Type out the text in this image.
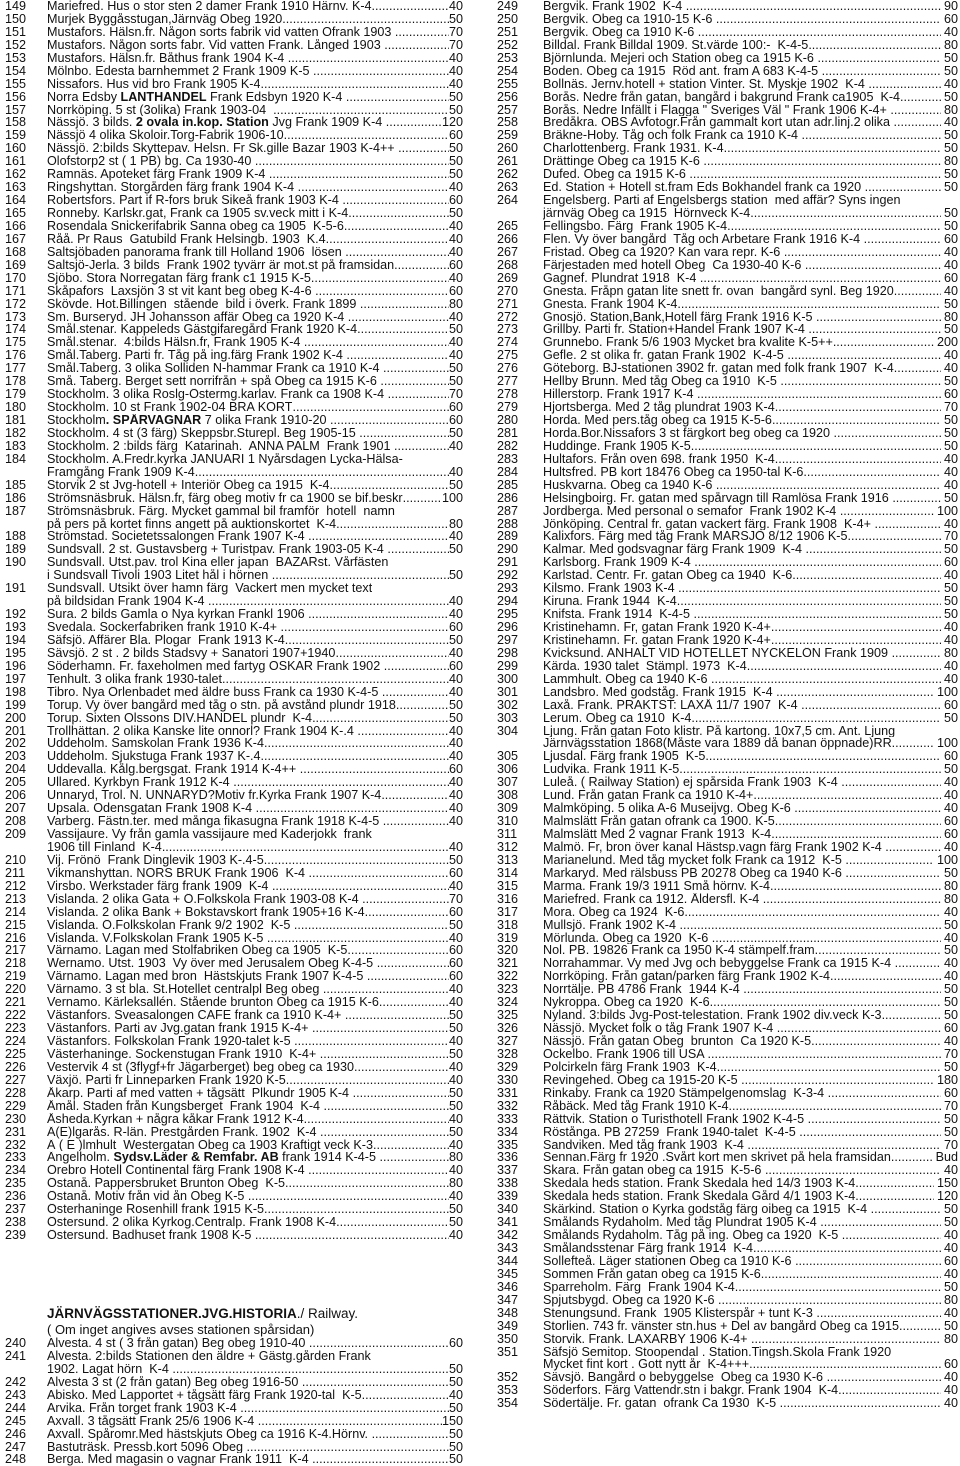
149	Mariefred. Hus o stor sten 2 damer Frank 1910 Härnv. K-4 .....	40
150	Murjek Byggåsstugan,Järnväg Obeg 1920 .....	50
151	Mustafors. Hälsn.fr. Någon sorts fabrik vid vatten Ofrank 1903 .....	70
152	Mustafors. Någon sorts fabr. Vid vatten Frank. Långed 1903 .....	70
153	Mustafors. Hälsn.fr. Båthus frank 1904 K-4 .....	40
154	Mölnbo. Edesta barnhemmet 2 Frank 1909 K-5 .....	40
155	Nissafors. Hus vid bro Frank 1905 K-4 .....	40
156	Norra Edsby LANTHANDEL Frank Edsbyn 1920 K-4 .....	50
157	Norrköping. 5 st (3olika) Frank 1903-04 .....	50
158	Nässjö. 3 bilds. 2 ovala in.kop. Station Jvg Frank 1909 K-4 .....	120
159	Nässjö 4 olika Skoloir.Torg-Fabrik 1906-10 .....	60
160	Nässjö. 2:bilds Skyttepav. Helsn. Fr Sk.gille Bazar 1903 K-4++ .....	50
161	Olofstorp2 st ( 1 PB) bg. Ca 1930-40 .....	50
162	Ramnäs. Apoteket färg Frank 1909 K-4 .....	50
163	Ringshyttan. Storgården färg frank 1904 K-4 .....	40
164	Robertsfors. Part if R-fors bruk Sikeå frank 1903 K-4 .....	60
165	Ronneby. Karlskr.gat, Frank ca 1905 sv.veck mitt i K-4 .....	50
166	Rosendala Snickerifabrik Sanna obeg ca 1905  K-5-6 .....	40
167	Råå. Pr Raus  Gatubild Frank Helsingb. 1903  K.4 .....	40
168	Saltsjöbaden panorama frank till Holland 1906  lösen .....	40
169	Saltsjö-Jerla. 3 bilds  Frank 1902 tyvärr är mot.st på framsidan .....	60
170	Sjöbo. Stora Norregatan färg frank c1 1915 K-5 .....	40
171	Skåpafors  Laxsjön 3 st vit kant beg obeg K-4-6 .....	60
172	Skövde. Hot.Billingen  stående  bild i överk. Frank 1899 .....	80
173	Sm. Burseryd. JH Johansson affär Obeg ca 1920 K-4 .....	40
174	Smål.stenar. Kappeleds Gästgifaregård Frank 1920 K-4 .....	50
175	Smål.stenar.  4:bilds Hälsn.fr, Frank 1905 K-4 .....	40
176	Smål.Taberg. Parti fr. Tåg på ing.färg Frank 1902 K-4 .....	40
177	Smål.Taberg. 3 olika Solliden N-hammar Frank ca 1910 K-4 .....	50
178	Små. Taberg. Berget sett norrifrån + spå Obeg ca 1915 K-6 .....	50
179	Stockholm. 3 olika Roslg-Östermg.karlav. Frank ca 1908 K-4 .....	70
180	Stockholm. 10 st Frank 1902-04 BRA KORT .....	60
181	Stockholm. SPÅRVAGNAR 7 olika Frank 1910-20 .....	60
182	Stockholm. 4 st (3 färg) Skeppsbr.Sturepl. Beg 1905-15 .....	50
183	Stockholm. 2 :bilds färg  Katarinah.  ANNA PALM  Frank 1901 .....	40
184	Stockholm. A.Fredr.kyrka JANUARI 1 Nyårsdagen Lycka-Hälsa-
Framgång Frank 1909 K-4 .....	40
185	Storvik 2 st Jvg-hotell + Interiör Obeg ca 1915  K-4 .....	50
186	Strömsnäsbruk. Hälsn.fr, färg obeg motiv fr ca 1900 se bif.beskr .....	100
187	Strömsnäsbruk. Färg. Mycket gammal bil framför  hotell  namn
på pers på kortet finns angett på auktionskortet  K-4 .....	80
188	Strömstad. Societetssalongen Frank 1907 K-4 .....	40
189	Sundsvall. 2 st. Gustavsberg + Turistpav. Frank 1903-05 K-4 .....	50
190	Sundsvall. Utst.pav. trol Kina eller japan  BAZARst. Vårfästen
i Sundsvall Tivoli 1903 Litet hål i hörnen .....	50
191	Sundsvall. Utsikt över hamn färg  Vackert men mycket text
på bildsidan Frank 1904 K-4 .....	40
192	Sura. 2 bilds Gamla o Nya kyrkan Frankl 1906 .....	40
193	Svedala. Sockerfabriken frank 1910 K-4+ .....	60
194	Säfsjö. Affärer Bla. Plogar  Frank 1913 K-4 .....	50
195	Sävsjö. 2 st . 2 bilds Stadsvy + Sanatori 1907+1940 .....	40
196	Söderhamn. Fr. faxeholmen med fartyg OSKAR Frank 1902 .....	60
197	Tenhult. 3 olika frank 1930-talet .....	40
198	Tibro. Nya Örlenbadet med äldre buss Frank ca 1930 K-4-5 .....	40
199	Torup. Vy över bangård med tåg o stn. på avstånd plundr 1918 .....	50
200	Torup. Sixten Olssons DIV.HANDEL plundr  K-4 .....	50
201	Trollhättan. 2 olika Kanske lite onnorl? Frank 1904 K-.4 .....	40
202	Uddeholm. Samskolan Frank 1936 K-4 .....	40
203	Uddeholm. Sjukstuga Frank 1937 K-.4 .....	40
204	Uddevalla. Kålg.bergsgat. Frank 1914 K-4++ .....	60
205	Ullared. Kyrkbyn Frank 1912 K-4 .....	40
206	Unnaryd, Trol. N. UNNARYD?Motiv fr.Kyrka Frank 1907 K-4 .....	40
207	Upsala. Odensgatan Frank 1908 K-4 .....	40
208	Varberg. Fästn.ter. med många fikasugna Frank 1918 K-4-5 .....	40
209	Vassijaure. Vy från gamla vassijaure med Kaderjokk  frank
1906 till Finland  K-4 .....	40
210	Vij. Frönö  Frank Dinglevik 1903 K-.4-5 .....	50
211	Vikmanshyttan. NORS BRUK Frank 1906  K-4 .....	60
212	Virsbo. Werkstader färg frank 1909  K-4 .....	40
213	Vislanda. 2 olika Gata + Ö.Folkskola Frank 1903-08 K-4 .....	70
214	Vislanda. 2 olika Bank + Bokstavskort frank 1905+16 K-4 .....	60
215	Vislanda. Ö.Folkskolan Frank 9/2 1902  K-5 .....	50
216	Vislanda. V.Folkskolan Frank 1905 K-5 .....	40
217	Värnamo. Lagan med Stolfabriken Obeg ca 1905  K-5 .....	60
218	Wernamo. Utst. 1903  Vy över med Jerusalem Obeg K-4-5 .....	60
219	Värnamo. Lagan med bron  Hästskjuts Frank 1907 K-4-5 .....	60
220	Värnamo. 3 st bla. St.Hotellet centralpl Beg obeg .....	40
221	Vernamo. Kärleksallén. Stående brunton Obeg ca 1915 K-6 .....	40
222	Västanfors. Sveasalongen CAFE frank ca 1910 K-4+ .....	50
223	Västanfors. Parti av Jvg.gatan frank 1915 K-4+ .....	50
224	Västanfors. Folkskolan Frank 1920-talet k-5 .....	40
225	Västerhaninge. Sockenstugan Frank 1910  K-4+ .....	50
226	Vestervik 4 st (3flygf+fr Jägarberget) beg obeg ca 1930 .....	40
227	Växjö. Parti fr Linneparken Frank 1920 K-5 .....	40
228	Åkarp. Parti af med vatten + tågsätt  Plkundr 1905 K-4 .....	50
229	Åmål. Staden från Kungsberget  Frank 1904  K-4 .....	50
230	Åsheda.Kyrkan + några kåkar Frank 1912 K-4 .....	40
231	Ä(E)lgarås. R-län. Prestgården Frank. 1902  K-4 .....	50
232	Ä ( E )lmhult  Westergatan Obeg ca 1903 Kraftigt veck K-3. .....	40
233	Ängelholm. Sydsv.Läder & Remfabr. AB frank 1914 K-4-5 .....	80
234	Örebro Hotell Continental färg Frank 1908 K-4 .....	40
235	Östanå. Pappersbruket Brunton Obeg  K-5 .....	80
236	Östanå. Motiv från vid ån Obeg K-5 .....	40
237	Österhaninge Rosenhill frank 1915 K-5 .....	50
238	Östersund. 2 olika Kyrkog.Centralp. Frank 1908 K-4 .....	50
239	Östersund. Badhuset frank 1908 K-5 .....	40
JÄRNVÄGSSTATIONER.JVG.HISTORIA./ Railway.
( Om inget angives avses stationen spårsidan)
240	Alvesta. 4 st ( 3 från gatan) Beg obeg 1910-40 .....	60
241	Alvesta. 2:bilds Stationen den äldre + Gästg.gården Frank
1902. Lagat hörn  K-4 .....	50
242	Alvesta 3 st (2 från gatan) Beg obeg 1916-50 .....	50
243	Abisko. Med Lapportet + tågsätt färg Frank 1920-tal  K-5 .....	40
244	Arvika. Från torget frank 1903 K-4 .....	50
245	Axvall. 3 tågsätt Frank 25/6 1906 K-4 .....	150
246	Axvall. Spåromr.Med hästskjuts Obeg ca 1916 K-4.Hörnv. .....	50
247	Bastuträsk. Pressb.kort 5096 Obeg .....	50
248	Berga. Med magasin o vagnar Frank 1911  K-4 .....	50
249	Bergvik. Frank 1902  K-4 .....	90
250	Bergvik. Obeg ca 1910-15 K-6 .....	60
251	Bergvik. Obeg ca 1910 K-6 .....	40
252	Billdal. Frank Billdal 1909. St.värde 100:-  K-4-5 .....	80
253	Björnlunda. Mejeri och Station obeg ca 1915 K-6 .....	50
254	Boden. Obeg ca 1915  Röd ant. fram A 683 K-4-5 .....	50
255	Bollnäs. Jernv.hotell + station Vinter. St. Myskje 1902  K-4 .....	40
256	Borås. Nedre från gatan, bangård i bakgrund Frank ca1905  K-4 .....	50
257	Borås. Nedre Infällt i Flagga " Sveriges Väl " Frank 1906 K-4+ .....	80
258	Bredåkra. OBS Avfotogr.Från gammalt kort utan adr.linj.2 olika .....	40
259	Bräkne-Hoby. Tåg och folk Frank ca 1910 K-4 .....	50
260	Charlottenberg. Frank 1931. K-4 .....	50
261	Drättinge Obeg ca 1915 K-6 .....	80
262	Dufed. Obeg ca 1915 K-6 .....	50
263	Ed. Station + Hotell st.fram Eds Bokhandel frank ca 1920 .....	50
264	Engelsberg. Parti af Engelsbergs station  med affär? Syns ingen
järnväg Obeg ca 1915  Hörnveck K-4 .....	50
265	Fellingsbo. Färg  Frank 1905 K-4 .....	50
266	Flen. Vy över bangård  Tåg och Arbetare Frank 1916 K-4 .....	60
267	Fristad. Obeg ca 1920? Kan vara repr. K-6 .....	40
268	Färjestaden med hotell Obeg  Ca 1930-40 K-6 .....	40
269	Gagnef. Plundrat 1918  K-4 .....	60
270	Gnesta. Fråpn gatan lite snett fr. ovan  bangård synl. Beg 1920 .....	40
271	Gnesta. Frank 1904 K-4 .....	50
272	Gnosjö. Station,Bank,Hotell färg Frank 1916 K-5 .....	80
273	Grillby. Parti fr. Station+Handel Frank 1907 K-4 .....	50
274	Grunnebo. Frank 5/6 1903 Mycket bra kvalite K-5++ .....	200
275	Gefle. 2 st olika fr. gatan Frank 1902  K-4-5 .....	40
276	Göteborg. BJ-stationen 3902 fr. gatan med folk frank 1907  K-4 .....	40
277	Hellby Brunn. Med tåg Obeg ca 1910  K-5 .....	50
278	Hillerstorp. Frank 1917 K-4 .....	60
279	Hjortsberga. Med 2 tåg plundrat 1903 K-4 .....	70
280	Horda. Med pers.tåg obeg ca 1915 K-5-6 .....	50
281	Horda.Bor.Nissafors 3 st färgkort beg obeg ca 1920 .....	50
282	Huddinge. Frank 1905 K-5 .....	50
283	Hultafors. Från oven 698. frank 1950  K-4 .....	40
284	Hultsfred. PB kort 18476 Obeg ca 1950-tal K-6 .....	40
285	Huskvarna. Obeg ca 1940 K-6 .....	40
286	Helsingboirg. Fr. gatan med spårvagn till Ramlösa Frank 1916 .....	50
287	Jordberga. Med personal o semafor  Frank 1902 K-4 .....	100
288	Jönköping. Central fr. gatan vackert färg. Frank 1908  K-4+ .....	40
289	Kalixfors. Färg med tåg Frank MARSJÖ 8/12 1906 K-5 .....	70
290	Kalmar. Med godsvagnar färg Frank 1909  K-4 .....	50
291	Karlsborg. Frank 1909 K-4 .....	60
292	Karlstad. Centr. Fr. gatan Obeg ca 1940  K-6 .....	40
293	Kilsmo. Frank 1903 K-4 .....	50
294	Kiruna. Frank 1944  K-4 .....	50
295	Knifsta. Frank 1914  K-4-5 .....	50
296	Kristinehamn. Fr, gatan Frank 1920 K-4+ .....	40
297	Kristinehamn. Fr. gatan Frank 1920 K-4+ .....	40
298	Kvicksund. ANHALT VID HOTELLET NYCKELÖN Frank 1909 .....	80
299	Kärda. 1930 talet  Stämpl. 1973  K-4 .....	40
300	Lammhult. Obeg ca 1940 K-6 .....	40
301	Landsbro. Med godståg. Frank 1915  K-4 .....	100
302	Laxå. Frank. PRAKTST: LAXÅ 11/7 1907  K-4 .....	60
303	Lerum. Obeg ca 1910  K-4 .....	50
304	Ljung. Från gatan Foto klistr. På kartong. 10x7,5 cm. Ant. Ljung
Järnvägsstation 1868(Måste vara 1889 då banan öppnade)RR. .....	100
305	Ljusdal. Färg frank 1905  K-5 .....	60
306	Ludvika. Frank 1911 K-5 .....	50
307	Luleå. ( Railway Station) ej spårsida Frank 1903  K-4 .....	40
308	Lund. Från gatan Frank ca 1910 K-4+ .....	40
309	Malmköping. 5 olika A-6 Museijvg. Obeg K-6 .....	40
310	Malmslätt Från gatan ofrank ca 1900. K-5 .....	60
311	Malmslätt Med 2 vagnar Frank 1913  K-4 .....	60
312	Malmö. Fr, bron över kanal Hästsp.vagn färg Frank 1902 K-4 .....	40
313	Marianelund. Med tåg mycket folk Frank ca 1912  K-5 .....	100
314	Markaryd. Med rälsbuss PB 20278 Obeg ca 1940 K-6 .....	50
315	Marma. Frank 19/3 1911 Små hörnv. K-4 .....	80
316	Mariefred. Frank ca 1912. Åldersfl. K-4 .....	80
317	Mora. Obeg ca 1924  K-6 .....	40
318	Mullsjö. Frank 1902 K-4 .....	50
319	Mörlunda. Obeg ca 1920  K-6 .....	40
320	Nol. PB. 19826 Frank ca 1950 K-4 stämpelf.fram .....	50
321	Norrahammar. Vy med Jvg och bebyggelse Frank ca 1915 K-4 .....	40
322	Norrköping. Från gatan/parken färg Frank 1902 K-4 .....	40
323	Norrtälje. PB 4786 Frank  1944 K-4 .....	50
324	Nykroppa. Obeg ca 1920  K-6 .....	50
325	Nyland. 3:bilds Jvg-Post-telestation. Frank 1902 div.veck K-3 .....	50
326	Nässjö. Mycket folk o tåg Frank 1907 K-4 .....	60
327	Nässjö. Från gatan Obeg  brunton  Ca 1920 K-5 .....	40
328	Ockelbo. Frank 1906 till USA .....	70
329	Polcirkeln färg Frank 1903  K-4 .....	50
330	Revingehed. Obeg ca 1915-20 K-5 .....	180
331	Rinkaby. Frank ca 1920 Stämpelgenomslag  K-3-4 .....	60
332	Råbäck. Med tåg Frank 1910 K-4 .....	70
333	Rättvik. Station o Turisthotell Frank 1902 K-4-5 .....	50
334	Röstånga. PB 27259  Frank 1940-talet  K-4-5 .....	50
335	Sandviken. Med tåg frank 1903  K-4 .....	70
336	Sennan.Färg fr 1920 .Svårt kort men skrivet på hela framsidan. .....	Bud
337	Skara. Från gatan obeg ca 1915  K-5-6 .....	40
338	Skedala heds station. Frank Skedala hed 14/3 1903 K-4 .....	150
339	Skedala heds station. Frank Skedala Gård 4/1 1903 K-4 .....	120
340	Skärkind. Station o Kyrka godståg färg oibeg ca 1915  K-4 .....	50
341	Smålands Rydaholm. Med tåg Plundrat 1905 K-4 .....	50
342	Smålands Rydaholm. Tåg på ing. Obeg ca 1920  K-5 .....	40
343	Smålandsstenar Färg frank 1914  K-4 .....	40
344	Sollefteå. Läger stationen Obeg ca 1910 K-6 .....	60
345	Sommen Från gatan obeg ca 1915 K-6 .....	40
346	Sparreholm. Färg  Frank 1904 K-4 .....	50
347	Spjutsbygd. Obeg ca 1920 K-6 .....	80
348	Stenungsund. Frank  1905 Klisterspår + tunt K-3 .....	40
349	Storlien. 743 fr. vänster stn.hus + Del av bangård Obeg ca 1915 .....	50
350	Storvik. Frank. LAXARBY 1906 K-4+ .....	80
351	Säfsjö Semitop. Stoopendal . Station.Tingsh.Skola Frank 1920
Mycket fint kort . Gott nytt år  K-4+++ .....	60
352	Sävsjö. Bangård o bebyggelse  Obeg ca 1930 K-6 .....	40
353	Söderfors. Färg Vattendr.stn i bakgr. Frank 1904  K-4 .....	40
354	Södertälje. Fr. gatan  ofrank Ca 1930  K-5 .....	40
